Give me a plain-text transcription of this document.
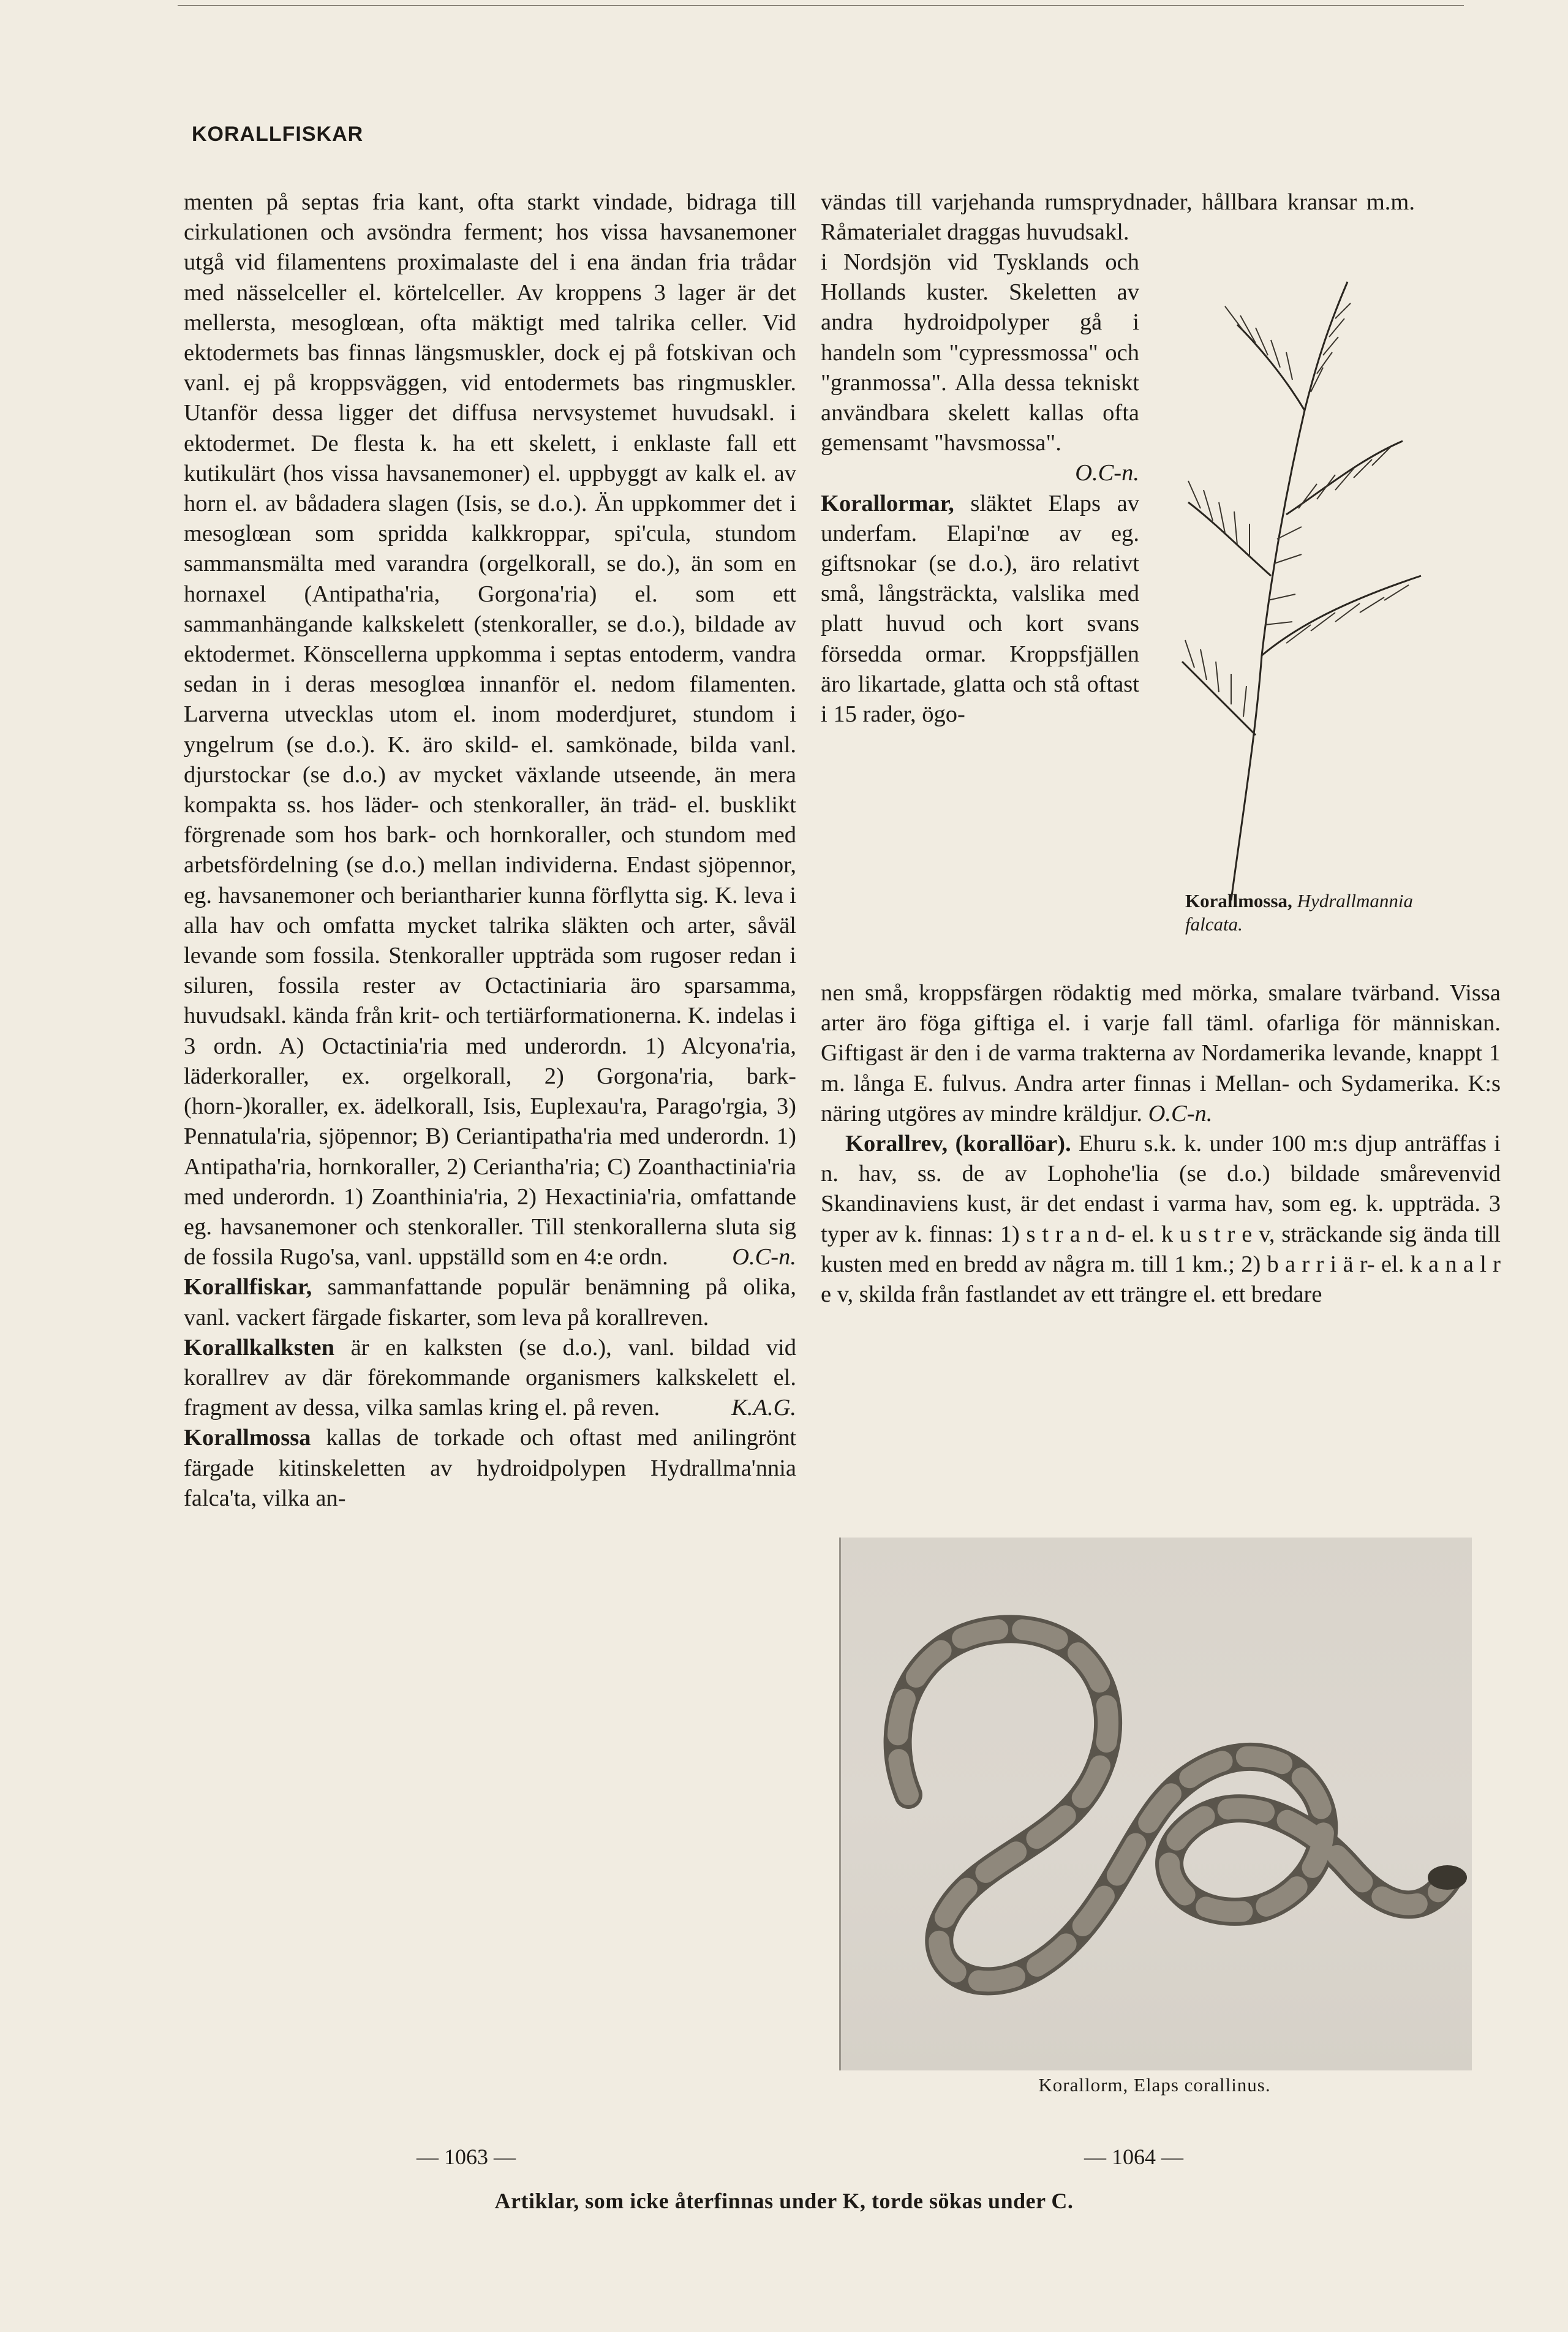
KORALLFISKAR

menten på septas fria kant, ofta starkt vindade, bidraga till cirkulationen och avsöndra ferment; hos vissa havsanemoner utgå vid filamentens proximalaste del i ena ändan fria trådar med nässelceller el. körtelceller. Av kroppens 3 lager är det mellersta, mesoglœan, ofta mäktigt med talrika celler. Vid ektodermets bas finnas längsmuskler, dock ej på fotskivan och vanl. ej på kroppsväggen, vid entodermets bas ringmuskler. Utanför dessa ligger det diffusa nervsystemet huvudsakl. i ektodermet. De flesta k. ha ett skelett, i enklaste fall ett kutikulärt (hos vissa havsanemoner) el. uppbyggt av kalk el. av horn el. av bådadera slagen (Isis, se d.o.). Än uppkommer det i mesoglœan som spridda kalkkroppar, spi'cula, stundom sammansmälta med varandra (orgelkorall, se do.), än som en hornaxel (Antipatha'ria, Gorgona'ria) el. som ett sammanhängande kalkskelett (stenkoraller, se d.o.), bildade av ektodermet. Könscellerna uppkomma i septas entoderm, vandra sedan in i deras mesoglœa innanför el. nedom filamenten. Larverna utvecklas utom el. inom moderdjuret, stundom i yngelrum (se d.o.). K. äro skild- el. samkönade, bilda vanl. djurstockar (se d.o.) av mycket växlande utseende, än mera kompakta ss. hos läder- och stenkoraller, än träd- el. busklikt förgrenade som hos bark- och hornkoraller, och stundom med arbetsfördelning (se d.o.) mellan individerna. Endast sjöpennor, eg. havsanemoner och beriantharier kunna förflytta sig. K. leva i alla hav och omfatta mycket talrika släkten och arter, såväl levande som fossila. Stenkoraller uppträda som rugoser redan i siluren, fossila rester av Octactiniaria äro sparsamma, huvudsakl. kända från krit- och tertiärformationerna. K. indelas i 3 ordn. A) Octactinia'ria med underordn. 1) Alcyona'ria, läderkoraller, ex. orgelkorall, 2) Gorgona'ria, bark-(horn-)koraller, ex. ädelkorall, Isis, Euplexau'ra, Parago'rgia, 3) Pennatula'ria, sjöpennor; B) Ceriantipatha'ria med underordn. 1) Antipatha'ria, hornkoraller, 2) Ceriantha'ria; C) Zoanthactinia'ria med underordn. 1) Zoanthinia'ria, 2) Hexactinia'ria, omfattande eg. havsanemoner och stenkoraller. Till stenkorallerna sluta sig de fossila Rugo'sa, vanl. uppställd som en 4:e ordn.	O.C-n.

Korallfiskar, sammanfattande populär benämning på olika, vanl. vackert färgade fiskarter, som leva på korallreven.

Korallkalksten är en kalksten (se d.o.), vanl. bildad vid korallrev av där förekommande organismers kalkskelett el. fragment av dessa, vilka samlas kring el. på reven.	K.A.G.

Korallmossa kallas de torkade och oftast med anilingrönt färgade kitinskeletten av hydroidpolypen Hydrallma'nnia falca'ta, vilka an-

vändas till varjehanda rumsprydnader, hållbara kransar m.m. Råmaterialet draggas huvudsakl.

i Nordsjön vid Tysklands och Hollands kuster. Skeletten av andra hydroidpolyper gå i handeln som "cypressmossa" och "granmossa". Alla dessa tekniskt användbara skelett kallas ofta gemensamt "havsmossa".

O.C-n.

Korallormar, släktet Elaps av underfam. Elapi'nœ av eg. giftsnokar (se d.o.), äro relativt små, långsträckta, valslika med platt huvud och kort svans försedda ormar. Kroppsfjällen äro likartade, glatta och stå oftast i 15 rader, ögo-

Korallmossa, Hydrallmannia falcata.

nen små, kroppsfärgen rödaktig med mörka, smalare tvärband. Vissa arter äro föga giftiga el. i varje fall täml. ofarliga för människan. Giftigast är den i de varma trakterna av Nordamerika levande, knappt 1 m. långa E. fulvus. Andra arter finnas i Mellan- och Sydamerika. K:s näring utgöres av mindre kräldjur. O.C-n.

Korallrev, (korallöar). Ehuru s.k. k. under 100 m:s djup anträffas i n. hav, ss. de av Lophohe'lia (se d.o.) bildade smårevenvid Skandinaviens kust, är det endast i varma hav, som eg. k. uppträda. 3 typer av k. finnas: 1) s t r a n d- el. k u s t r e v, sträckande sig ända till kusten med en bredd av några m. till 1 km.; 2) b a r r i ä r- el. k a n a l r e v, skilda från fastlandet av ett trängre el. ett bredare

Korallorm, Elaps corallinus.
— 1063 —	— 1064 —
Artiklar, som icke återfinnas under K, torde sökas under C.
